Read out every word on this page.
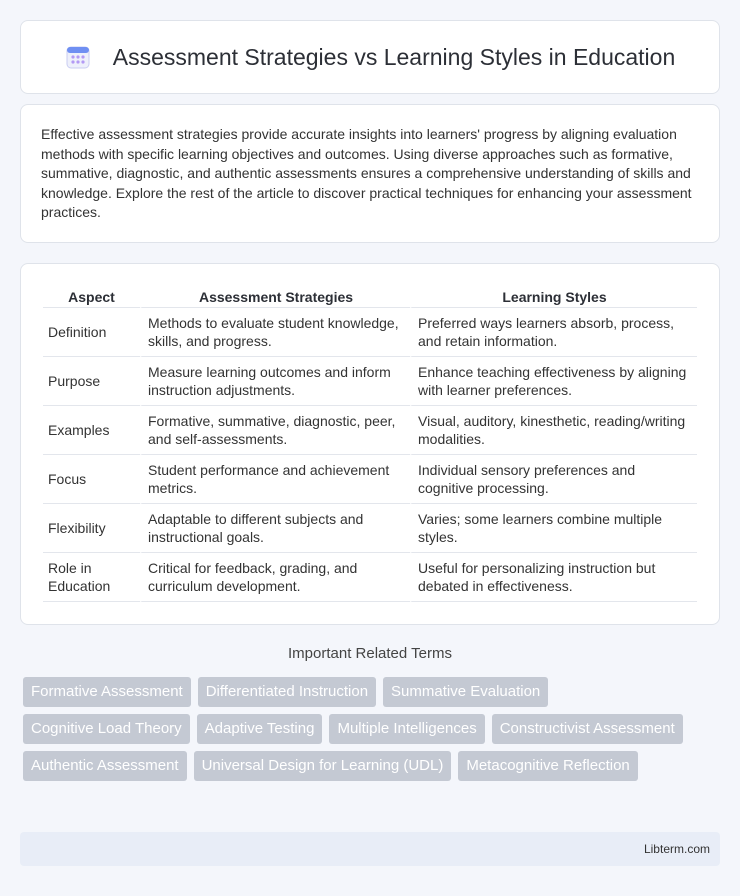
Assessment Strategies vs Learning Styles in Education

Effective assessment strategies provide accurate insights into learners' progress by aligning evaluation methods with specific learning objectives and outcomes. Using diverse approaches such as formative, summative, diagnostic, and authentic assessments ensures a comprehensive understanding of skills and knowledge. Explore the rest of the article to discover practical techniques for enhancing your assessment practices.

Aspect	Assessment Strategies	Learning Styles
Definition	Methods to evaluate student knowledge, skills, and progress.	Preferred ways learners absorb, process, and retain information.
Purpose	Measure learning outcomes and inform instruction adjustments.	Enhance teaching effectiveness by aligning with learner preferences.
Examples	Formative, summative, diagnostic, peer, and self-assessments.	Visual, auditory, kinesthetic, reading/writing modalities.
Focus	Student performance and achievement metrics.	Individual sensory preferences and cognitive processing.
Flexibility	Adaptable to different subjects and instructional goals.	Varies; some learners combine multiple styles.
Role in Education	Critical for feedback, grading, and curriculum development.	Useful for personalizing instruction but debated in effectiveness.
Important Related Terms
Formative Assessment	Differentiated Instruction	Summative Evaluation
Cognitive Load Theory	Adaptive Testing	Multiple Intelligences	Constructivist Assessment
Authentic Assessment	Universal Design for Learning (UDL)	Metacognitive Reflection
Libterm.com
